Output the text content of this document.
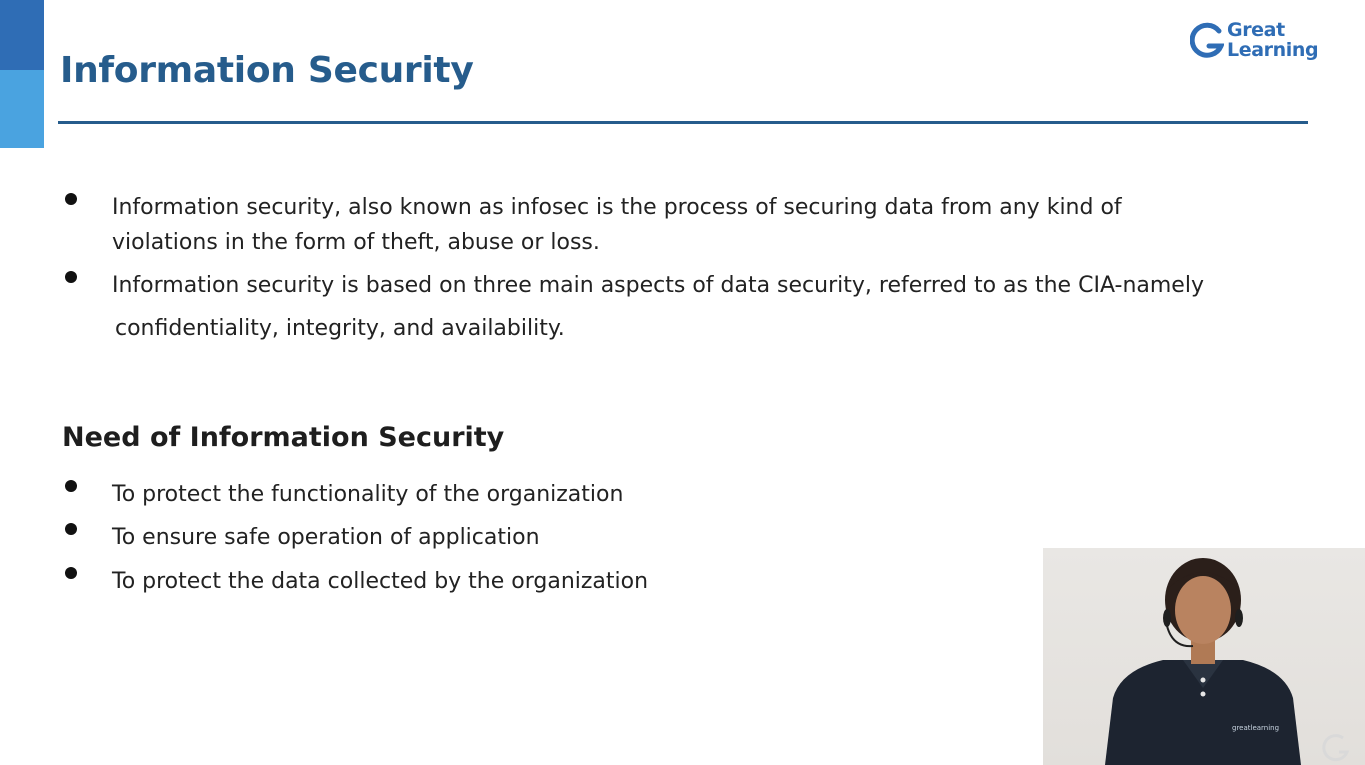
Information Security
Great
Learning

Information security, also known as infosec is the process of securing data from any kind of
violations in the form of theft, abuse or loss.

Information security is based on three main aspects of data security, referred to as the CIA-namely
confidentiality, integrity, and availability.

Need of Information Security

To protect the functionality of the organization

To ensure safe operation of application

To protect the data collected by the organization

greatlearning
